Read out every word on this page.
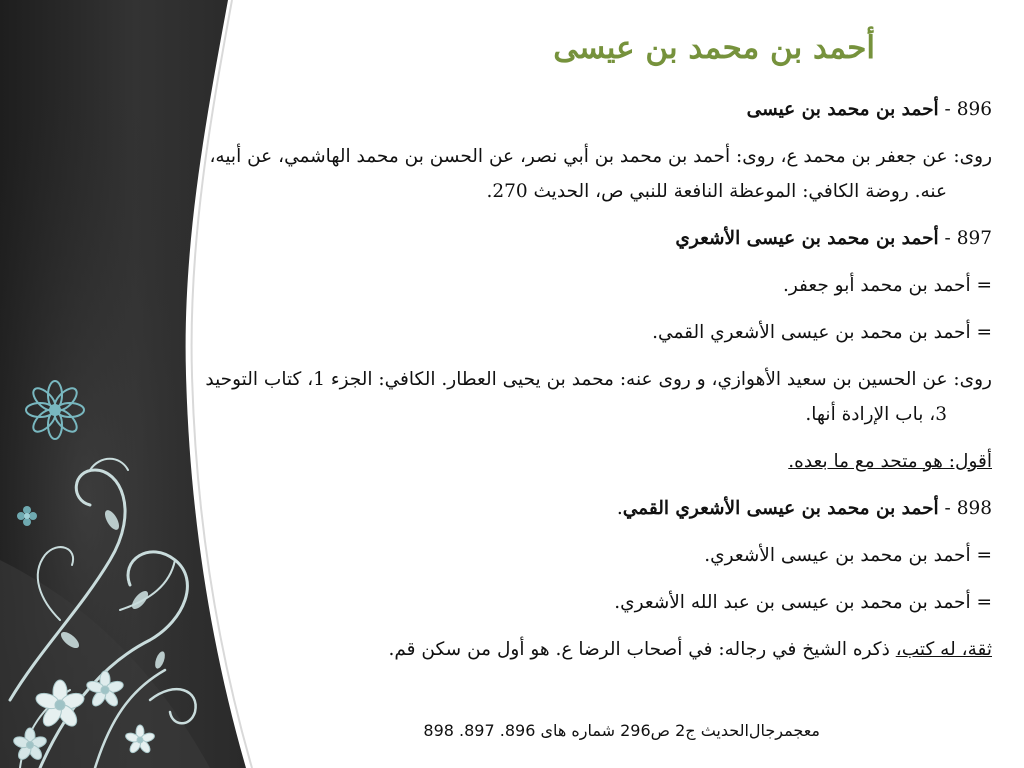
أحمد بن محمد بن عيسى
896 - أحمد بن محمد بن عيسى
روى: عن جعفر بن محمد ع، روى: أحمد بن محمد بن أبي نصر، عن الحسن بن محمد الهاشمي، عن أبيه، عنه. روضة الكافي: الموعظة النافعة للنبي ص، الحديث 270.
897 - أحمد بن محمد بن عيسى الأشعري
= أحمد بن محمد أبو جعفر.
= أحمد بن محمد بن عيسى الأشعري القمي.
روى: عن الحسين بن سعيد الأهوازي، و روى عنه: محمد بن يحيى العطار. الكافي: الجزء 1، كتاب التوحيد 3، باب الإرادة أنها.
أقول: هو متحد مع ما بعده.
898 - أحمد بن محمد بن عيسى الأشعري القمي.
= أحمد بن محمد بن عيسى الأشعري.
= أحمد بن محمد بن عيسى بن عبد الله الأشعري.
ثقة، له كتب، ذكره الشيخ في رجاله: في أصحاب الرضا ع. هو أول من سكن قم.
معجمرجال‌الحديث ج2 ص296 شماره های 896. 897. 898
